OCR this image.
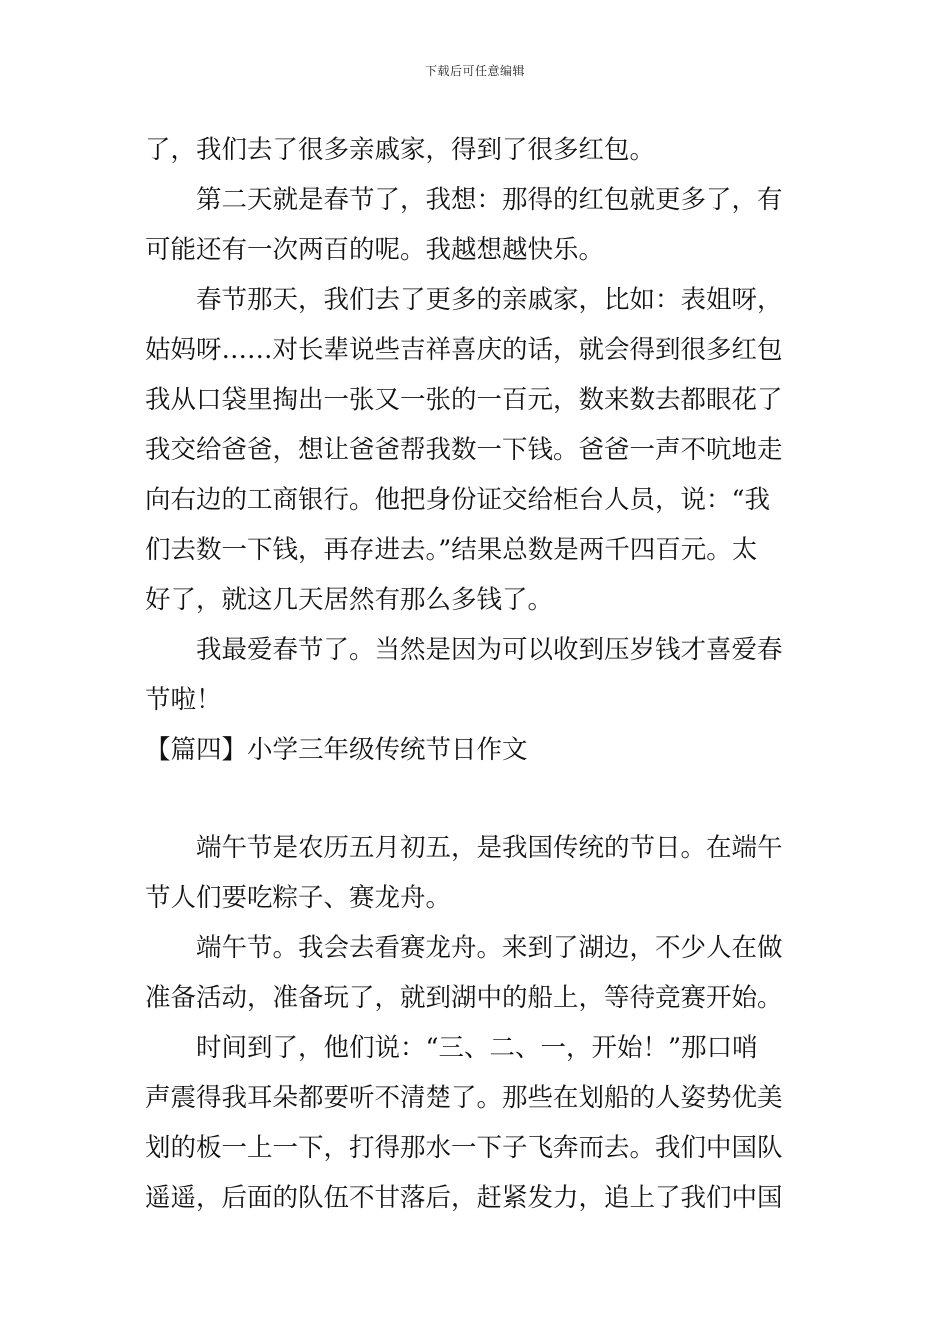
下载后可任意编辑
了，我们去了很多亲戚家，得到了很多红包。
第二天就是春节了，我想：那得的红包就更多了，有
可能还有一次两百的呢。我越想越快乐。
春节那天，我们去了更多的亲戚家，比如：表姐呀，
姑妈呀……对长辈说些吉祥喜庆的话，就会得到很多红包
我从口袋里掏出一张又一张的一百元，数来数去都眼花了
我交给爸爸，想让爸爸帮我数一下钱。爸爸一声不吭地走
向右边的工商银行。他把身份证交给柜台人员，说：“我
们去数一下钱，再存进去。”结果总数是两千四百元。太
好了，就这几天居然有那么多钱了。
我最爱春节了。当然是因为可以收到压岁钱才喜爱春
节啦！
【篇四】小学三年级传统节日作文
端午节是农历五月初五，是我国传统的节日。在端午
节人们要吃粽子、赛龙舟。
端午节。我会去看赛龙舟。来到了湖边，不少人在做
准备活动，准备玩了，就到湖中的船上，等待竞赛开始。
时间到了，他们说：“三、二、一，开始！”那口哨
声震得我耳朵都要听不清楚了。那些在划船的人姿势优美
划的板一上一下，打得那水一下子飞奔而去。我们中国队
遥遥，后面的队伍不甘落后，赶紧发力，追上了我们中国
